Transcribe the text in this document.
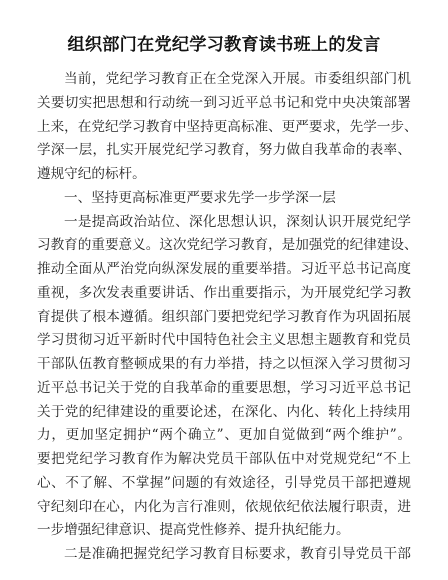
组织部门在党纪学习教育读书班上的发言
当前，党纪学习教育正在全党深入开展。市委组织部门机
关要切实把思想和行动统一到习近平总书记和党中央决策部署
上来，在党纪学习教育中坚持更高标准、更严要求，先学一步、
学深一层，扎实开展党纪学习教育，努力做自我革命的表率、
遵规守纪的标杆。
一、坚持更高标准更严要求先学一步学深一层
一是提高政治站位、深化思想认识，深刻认识开展党纪学
习教育的重要意义。这次党纪学习教育，是加强党的纪律建设、
推动全面从严治党向纵深发展的重要举措。习近平总书记高度
重视，多次发表重要讲话、作出重要指示，为开展党纪学习教
育提供了根本遵循。组织部门要把党纪学习教育作为巩固拓展
学习贯彻习近平新时代中国特色社会主义思想主题教育和党员
干部队伍教育整顿成果的有力举措，持之以恒深入学习贯彻习
近平总书记关于党的自我革命的重要思想，学习习近平总书记
关于党的纪律建设的重要论述，在深化、内化、转化上持续用
力，更加坚定拥护“两个确立”、更加自觉做到“两个维护”。
要把党纪学习教育作为解决党员干部队伍中对党规党纪“不上
心、不了解、不掌握”问题的有效途径，引导党员干部把遵规
守纪刻印在心，内化为言行准则，依规依纪依法履行职责，进
一步增强纪律意识、提高党性修养、提升执纪能力。
二是准确把握党纪学习教育目标要求，教育引导党员干部
